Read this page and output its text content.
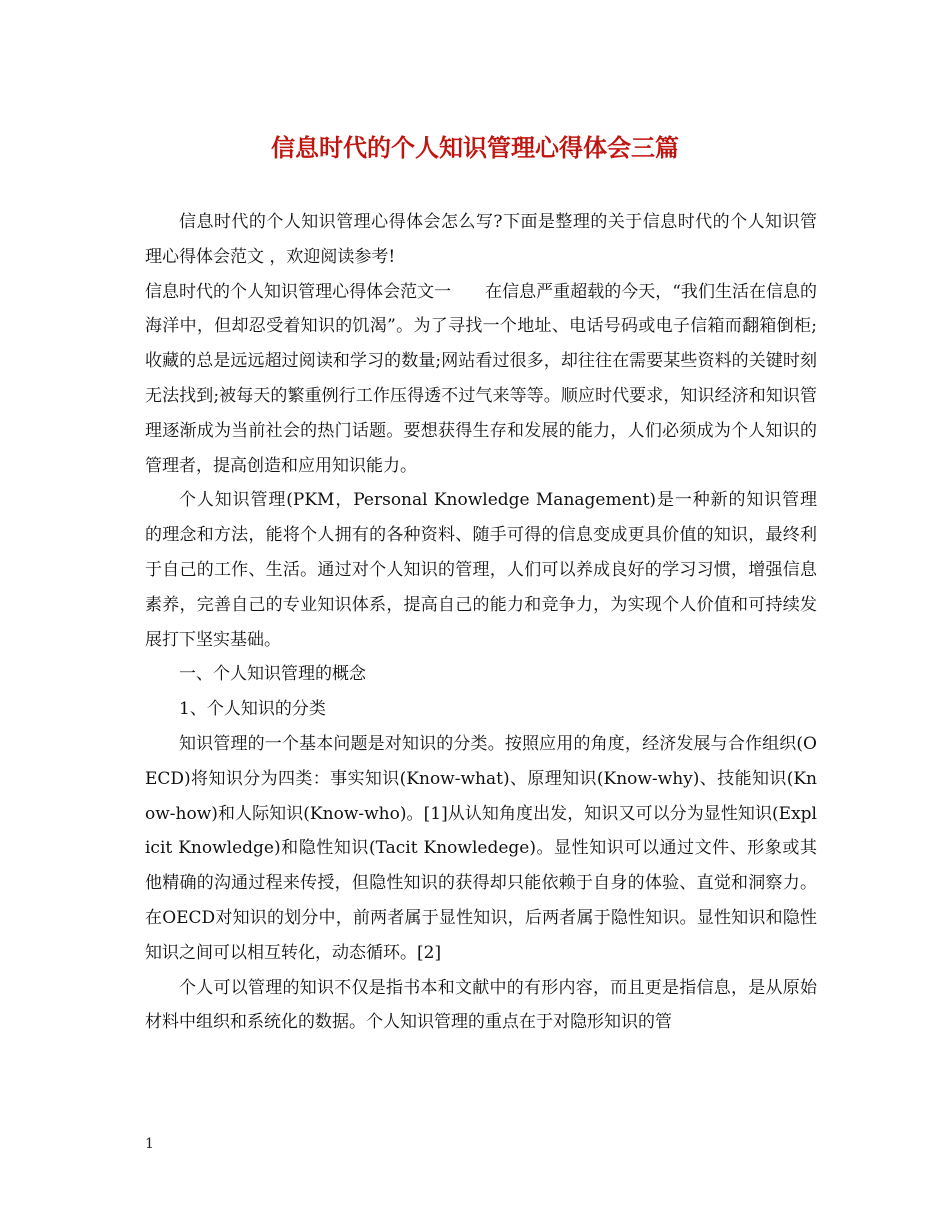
信息时代的个人知识管理心得体会三篇

信息时代的个人知识管理心得体会怎么写?下面是整理的关于信息时代的个人知识管理心得体会范文 ，欢迎阅读参考!

信息时代的个人知识管理心得体会范文一　　在信息严重超载的今天，“我们生活在信息的海洋中，但却忍受着知识的饥渴”。为了寻找一个地址、电话号码或电子信箱而翻箱倒柜;收藏的总是远远超过阅读和学习的数量;网站看过很多，却往往在需要某些资料的关键时刻无法找到;被每天的繁重例行工作压得透不过气来等等。顺应时代要求，知识经济和知识管理逐渐成为当前社会的热门话题。要想获得生存和发展的能力，人们必须成为个人知识的管理者，提高创造和应用知识能力。

个人知识管理(PKM，Personal Knowledge Management)是一种新的知识管理的理念和方法，能将个人拥有的各种资料、随手可得的信息变成更具价值的知识，最终利于自己的工作、生活。通过对个人知识的管理，人们可以养成良好的学习习惯，增强信息素养，完善自己的专业知识体系，提高自己的能力和竞争力，为实现个人价值和可持续发展打下坚实基础。

一、个人知识管理的概念

1、个人知识的分类

知识管理的一个基本问题是对知识的分类。按照应用的角度，经济发展与合作组织(OECD)将知识分为四类：事实知识(Know-what)、原理知识(Know-why)、技能知识(Know-how)和人际知识(Know-who)。[1]从认知角度出发，知识又可以分为显性知识(Explicit Knowledge)和隐性知识(Tacit Knowledege)。显性知识可以通过文件、形象或其他精确的沟通过程来传授，但隐性知识的获得却只能依赖于自身的体验、直觉和洞察力。在OECD对知识的划分中，前两者属于显性知识，后两者属于隐性知识。显性知识和隐性知识之间可以相互转化，动态循环。[2]

个人可以管理的知识不仅是指书本和文献中的有形内容，而且更是指信息，是从原始材料中组织和系统化的数据。个人知识管理的重点在于对隐形知识的管

1
